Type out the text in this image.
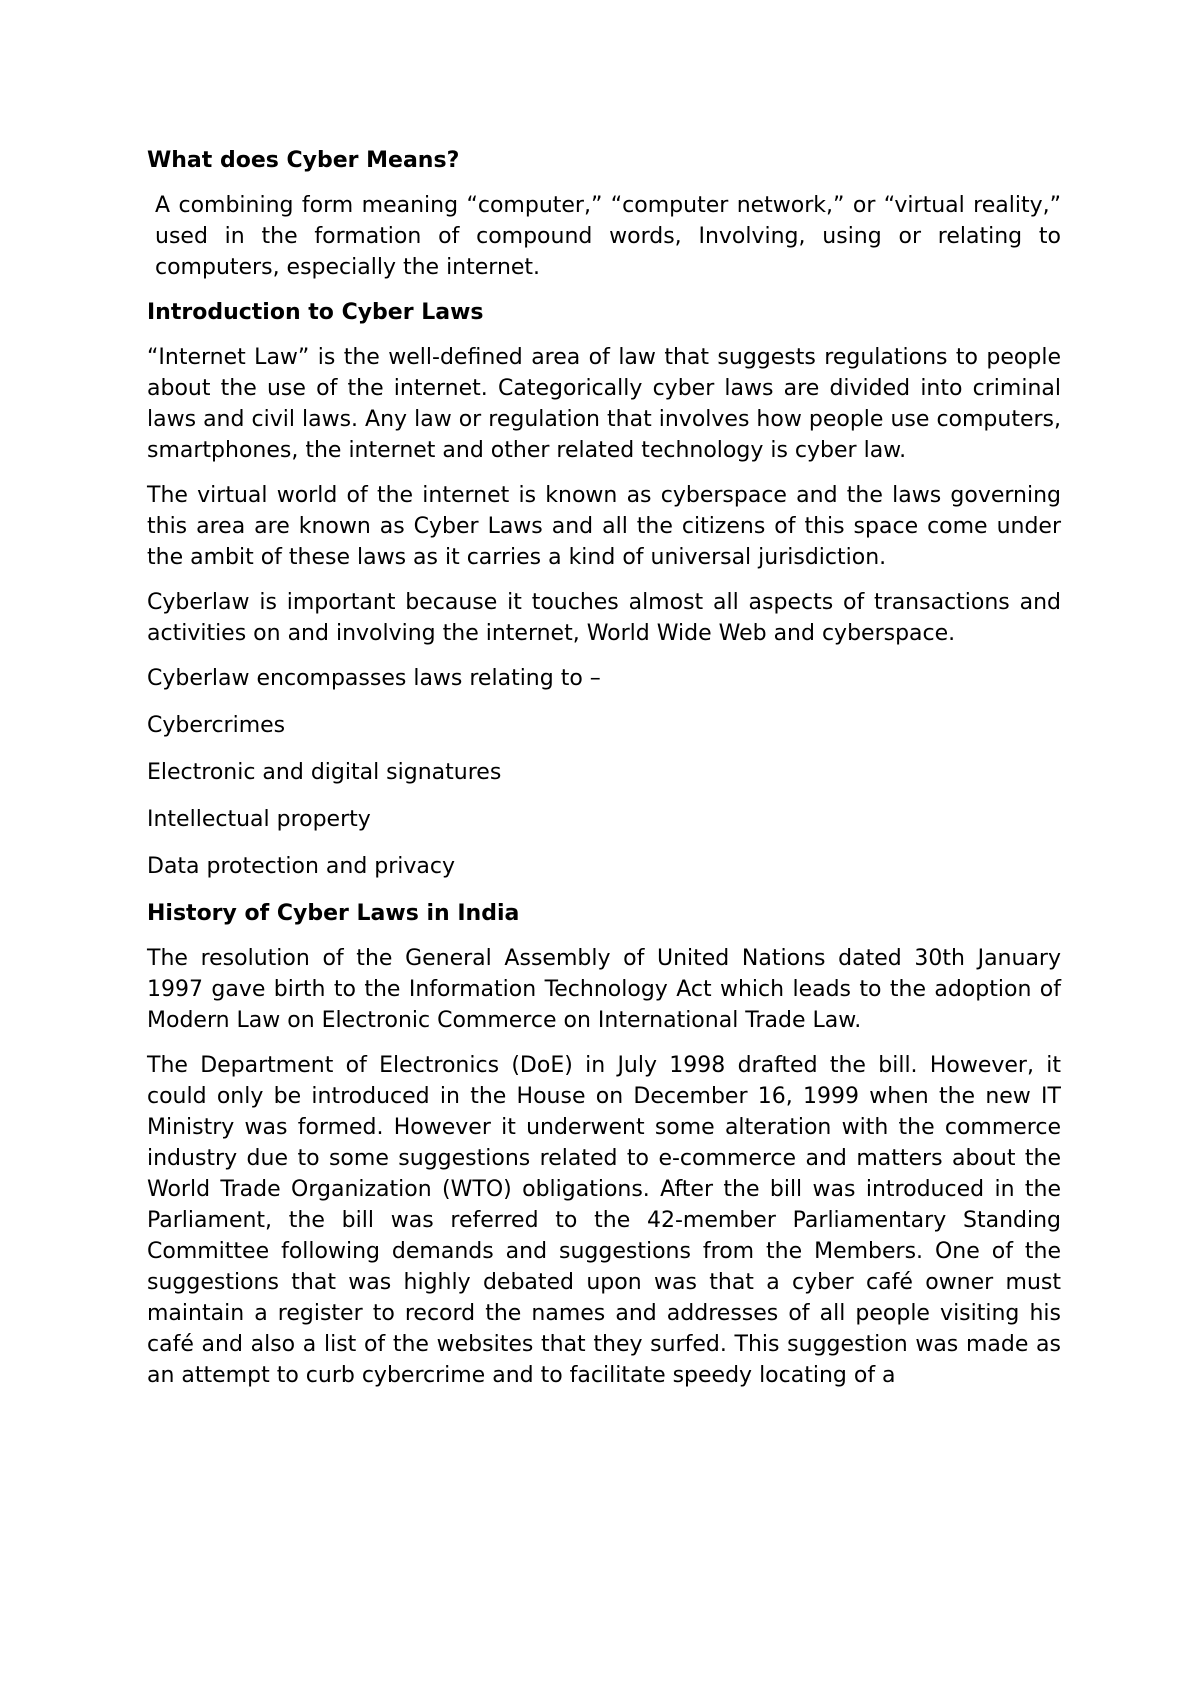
What does Cyber Means?

A combining form meaning “computer,” “computer network,” or “virtual reality,” used in the formation of compound words, Involving, using or relating to computers, especially the internet.

Introduction to Cyber Laws

“Internet Law” is the well-defined area of law that suggests regulations to people about the use of the internet. Categorically cyber laws are divided into criminal laws and civil laws. Any law or regulation that involves how people use computers, smartphones, the internet and other related technology is cyber law.

The virtual world of the internet is known as cyberspace and the laws governing this area are known as Cyber Laws and all the citizens of this space come under the ambit of these laws as it carries a kind of universal jurisdiction.

Cyberlaw is important because it touches almost all aspects of transactions and activities on and involving the internet, World Wide Web and cyberspace.

Cyberlaw encompasses laws relating to –

Cybercrimes

Electronic and digital signatures

Intellectual property

Data protection and privacy

History of Cyber Laws in India

The resolution of the General Assembly of United Nations dated 30th January 1997 gave birth to the Information Technology Act which leads to the adoption of Modern Law on Electronic Commerce on International Trade Law.

The Department of Electronics (DoE) in July 1998 drafted the bill. However, it could only be introduced in the House on December 16, 1999 when the new IT Ministry was formed. However it underwent some alteration with the commerce industry due to some suggestions related to e-commerce and matters about the World Trade Organization (WTO) obligations. After the bill was introduced in the Parliament, the bill was referred to the 42-member Parliamentary Standing Committee following demands and suggestions from the Members. One of the suggestions that was highly debated upon was that a cyber café owner must maintain a register to record the names and addresses of all people visiting his café and also a list of the websites that they surfed. This suggestion was made as an attempt to curb cybercrime and to facilitate speedy locating of a
